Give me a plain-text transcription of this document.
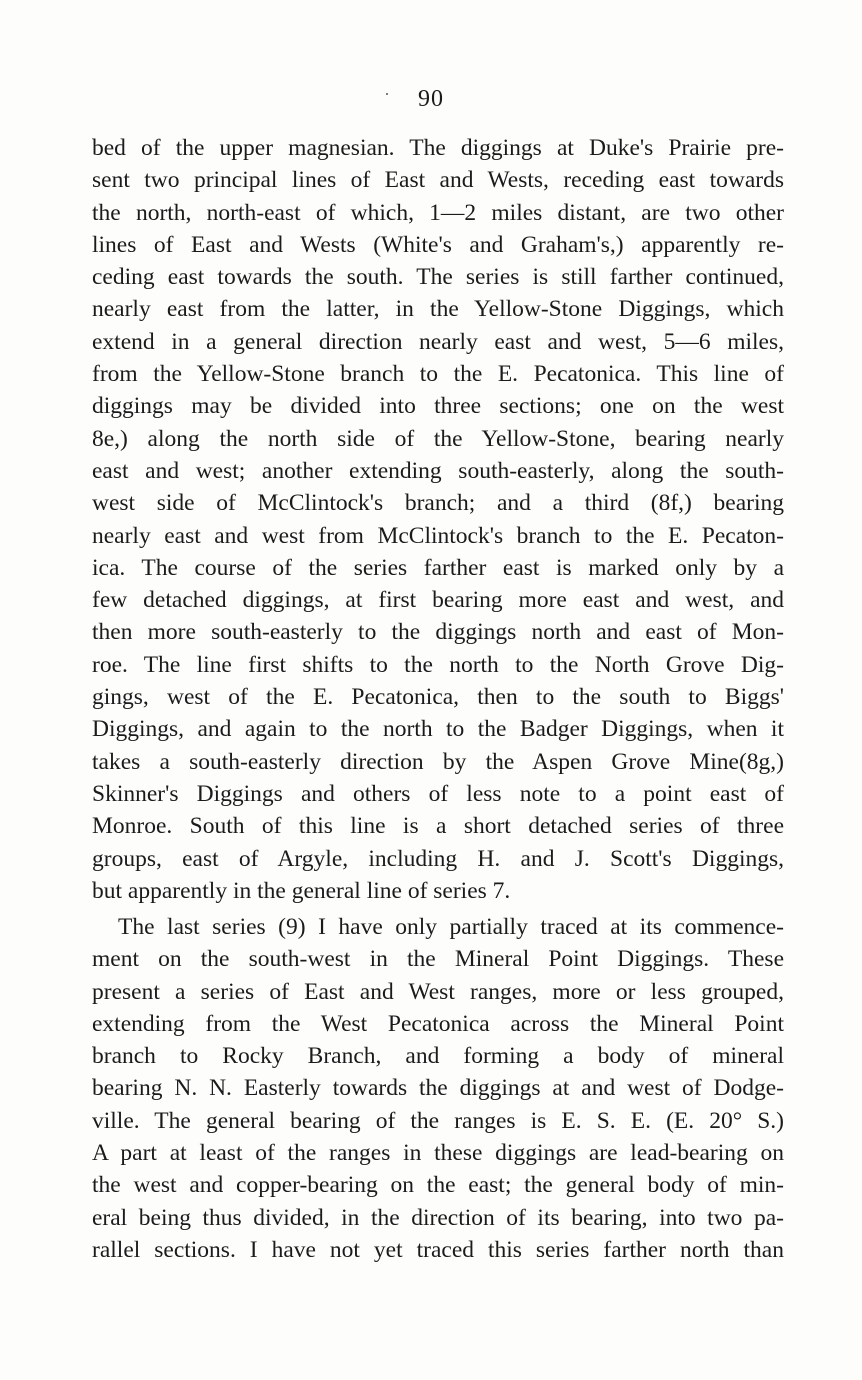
90
bed of the upper magnesian. The diggings at Duke's Prairie pre-
sent two principal lines of East and Wests, receding east towards
the north, north-east of which, 1—2 miles distant, are two other
lines of East and Wests (White's and Graham's,) apparently re-
ceding east towards the south. The series is still farther continued,
nearly east from the latter, in the Yellow-Stone Diggings, which
extend in a general direction nearly east and west, 5—6 miles,
from the Yellow-Stone branch to the E. Pecatonica. This line of
diggings may be divided into three sections; one on the west
8e,) along the north side of the Yellow-Stone, bearing nearly
east and west; another extending south-easterly, along the south-
west side of McClintock's branch; and a third (8f,) bearing
nearly east and west from McClintock's branch to the E. Pecaton-
ica. The course of the series farther east is marked only by a
few detached diggings, at first bearing more east and west, and
then more south-easterly to the diggings north and east of Mon-
roe. The line first shifts to the north to the North Grove Dig-
gings, west of the E. Pecatonica, then to the south to Biggs'
Diggings, and again to the north to the Badger Diggings, when it
takes a south-easterly direction by the Aspen Grove Mine(8g,)
Skinner's Diggings and others of less note to a point east of
Monroe. South of this line is a short detached series of three
groups, east of Argyle, including H. and J. Scott's Diggings,
but apparently in the general line of series 7.
The last series (9) I have only partially traced at its commence-
ment on the south-west in the Mineral Point Diggings. These
present a series of East and West ranges, more or less grouped,
extending from the West Pecatonica across the Mineral Point
branch to Rocky Branch, and forming a body of mineral
bearing N. N. Easterly towards the diggings at and west of Dodge-
ville. The general bearing of the ranges is E. S. E. (E. 20° S.)
A part at least of the ranges in these diggings are lead-bearing on
the west and copper-bearing on the east; the general body of min-
eral being thus divided, in the direction of its bearing, into two pa-
rallel sections. I have not yet traced this series farther north than
